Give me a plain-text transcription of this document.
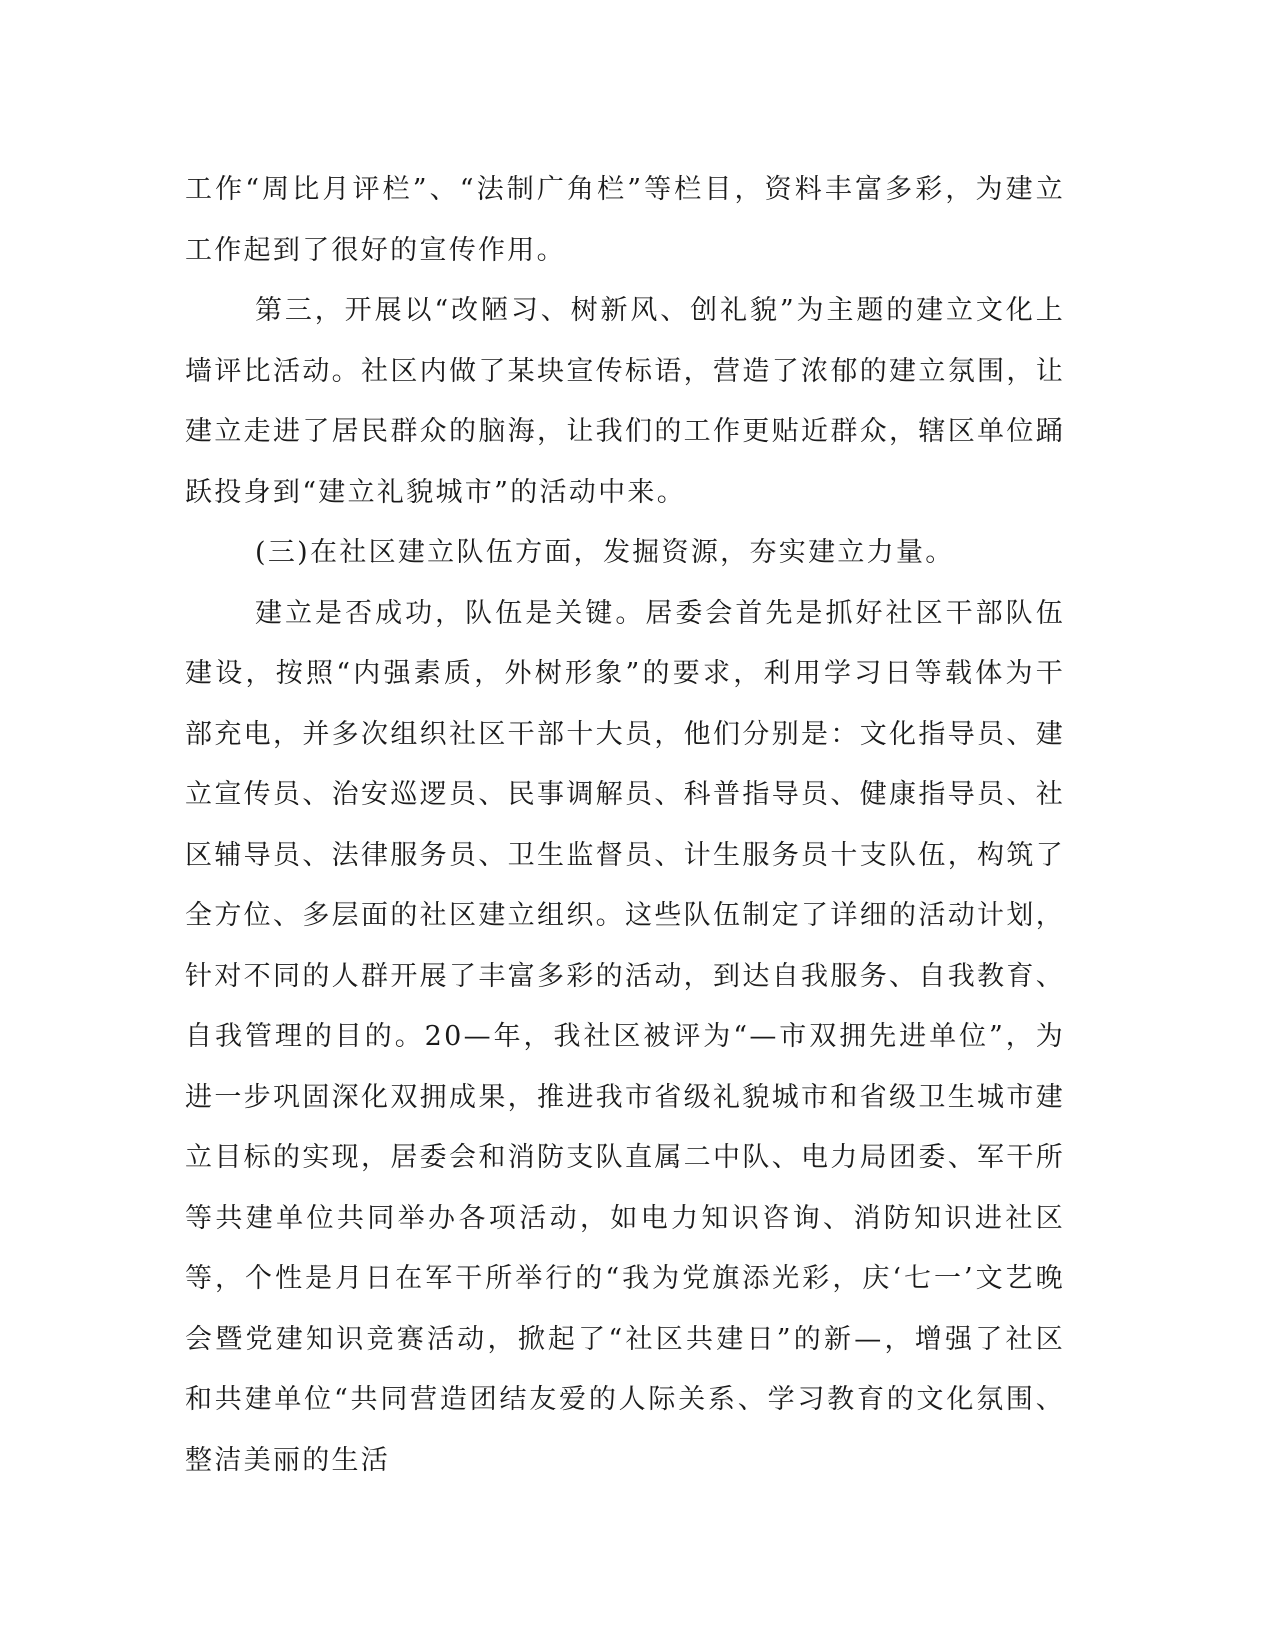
工作“周比月评栏”、“法制广角栏”等栏目，资料丰富多彩，为建立工作起到了很好的宣传作用。

第三，开展以“改陋习、树新风、创礼貌”为主题的建立文化上墙评比活动。社区内做了某块宣传标语，营造了浓郁的建立氛围，让建立走进了居民群众的脑海，让我们的工作更贴近群众，辖区单位踊跃投身到“建立礼貌城市”的活动中来。

(三)在社区建立队伍方面，发掘资源，夯实建立力量。

建立是否成功，队伍是关键。居委会首先是抓好社区干部队伍建设，按照“内强素质，外树形象”的要求，利用学习日等载体为干部充电，并多次组织社区干部十大员，他们分别是：文化指导员、建立宣传员、治安巡逻员、民事调解员、科普指导员、健康指导员、社区辅导员、法律服务员、卫生监督员、计生服务员十支队伍，构筑了全方位、多层面的社区建立组织。这些队伍制定了详细的活动计划，针对不同的人群开展了丰富多彩的活动，到达自我服务、自我教育、自我管理的目的。20—年，我社区被评为“—市双拥先进单位”，为进一步巩固深化双拥成果，推进我市省级礼貌城市和省级卫生城市建立目标的实现，居委会和消防支队直属二中队、电力局团委、军干所等共建单位共同举办各项活动，如电力知识咨询、消防知识进社区等，个性是月日在军干所举行的“我为党旗添光彩，庆‘七一’文艺晚会暨党建知识竞赛活动，掀起了“社区共建日”的新—，增强了社区和共建单位“共同营造团结友爱的人际关系、学习教育的文化氛围、整洁美丽的生活
